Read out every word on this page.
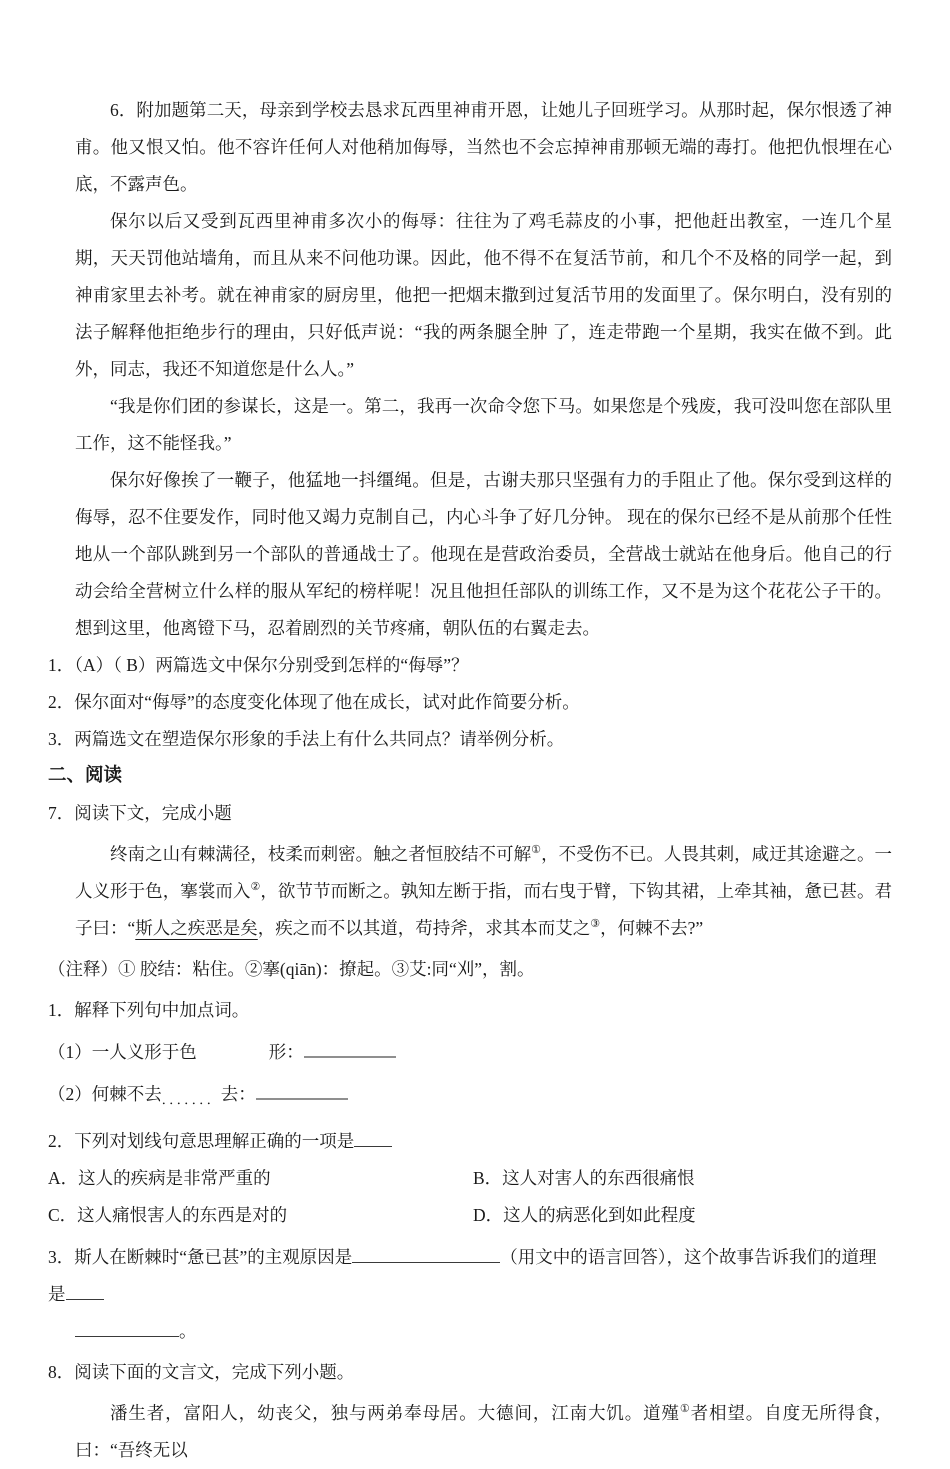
6．附加题第二天，母亲到学校去恳求瓦西里神甫开恩，让她儿子回班学习。从那时起，保尔恨透了神甫。他又恨又怕。他不容许任何人对他稍加侮辱，当然也不会忘掉神甫那顿无端的毒打。他把仇恨埋在心底，不露声色。

保尔以后又受到瓦西里神甫多次小的侮辱：往往为了鸡毛蒜皮的小事，把他赶出教室，一连几个星期，天天罚他站墙角，而且从来不问他功课。因此，他不得不在复活节前，和几个不及格的同学一起，到神甫家里去补考。就在神甫家的厨房里，他把一把烟末撒到过复活节用的发面里了。保尔明白，没有别的法子解释他拒绝步行的理由，只好低声说：“我的两条腿全肿 了，连走带跑一个星期，我实在做不到。此外，同志，我还不知道您是什么人。”

“我是你们团的参谋长，这是一。第二，我再一次命令您下马。如果您是个残废，我可没叫您在部队里工作，这不能怪我。”

保尔好像挨了一鞭子，他猛地一抖缰绳。但是，古谢夫那只坚强有力的手阻止了他。保尔受到这样的侮辱，忍不住要发作，同时他又竭力克制自己，内心斗争了好几分钟。 现在的保尔已经不是从前那个任性地从一个部队跳到另一个部队的普通战士了。他现在是营政治委员，全营战士就站在他身后。他自己的行动会给全营树立什么样的服从军纪的榜样呢！况且他担任部队的训练工作，又不是为这个花花公子干的。想到这里，他离镫下马，忍着剧烈的关节疼痛，朝队伍的右翼走去。

1．（A）（ B）两篇选文中保尔分别受到怎样的“侮辱”？

2．保尔面对“侮辱”的态度变化体现了他在成长，试对此作简要分析。

3．两篇选文在塑造保尔形象的手法上有什么共同点？请举例分析。

二、阅读

7．阅读下文，完成小题

终南之山有棘满径，枝柔而刺密。触之者恒胶结不可解①，不受伤不已。人畏其刺，咸迂其途避之。一人义形于色，搴裳而入②，欲节节而断之。孰知左断于指，而右曳于臂，下钩其裙，上牵其袖，惫已甚。君子曰：“斯人之疾恶是矣，疾之而不以其道，苟持斧，求其本而艾之③，何棘不去?”

（注释）① 胶结：粘住。②搴(qiān)：撩起。③艾:同“刈”，割。

1．解释下列句中加点词。

（1）一人义形于色	形：

（2）何棘不去$_{.......}$去：

2．下列对划线句意思理解正确的一项是

A．这人的疾病是非常严重的	B．这人对害人的东西很痛恨
C．这人痛恨害人的东西是对的	D．这人的病恶化到如此程度

3．斯人在断棘时“惫已甚”的主观原因是	（用文中的语言回答），这个故事告诉我们的道理是

。

8．阅读下面的文言文，完成下列小题。

潘生者，富阳人，幼丧父，独与两弟奉母居。大德间，江南大饥。道殣①者相望。自度无所得食，曰：“吾终无以
